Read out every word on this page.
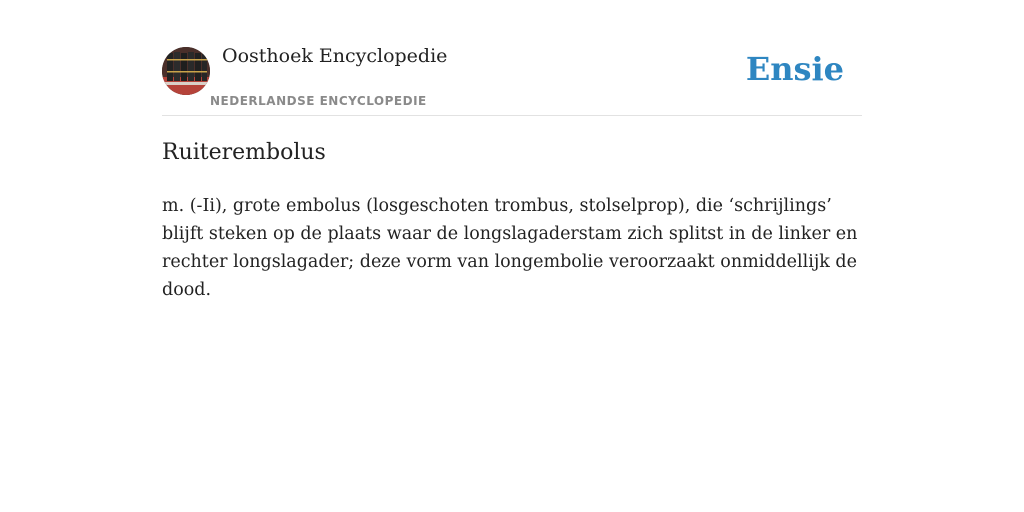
Oosthoek Encyclopedie
NEDERLANDSE ENCYCLOPEDIE
Ensie
Ruiterembolus

m. (-Ii), grote embolus (losgeschoten trombus, stolselprop), die ‘schrijlings’ blijft steken op de plaats waar de longslagaderstam zich splitst in de linker en rechter longslagader; deze vorm van longembolie veroorzaakt onmiddellijk de dood.
